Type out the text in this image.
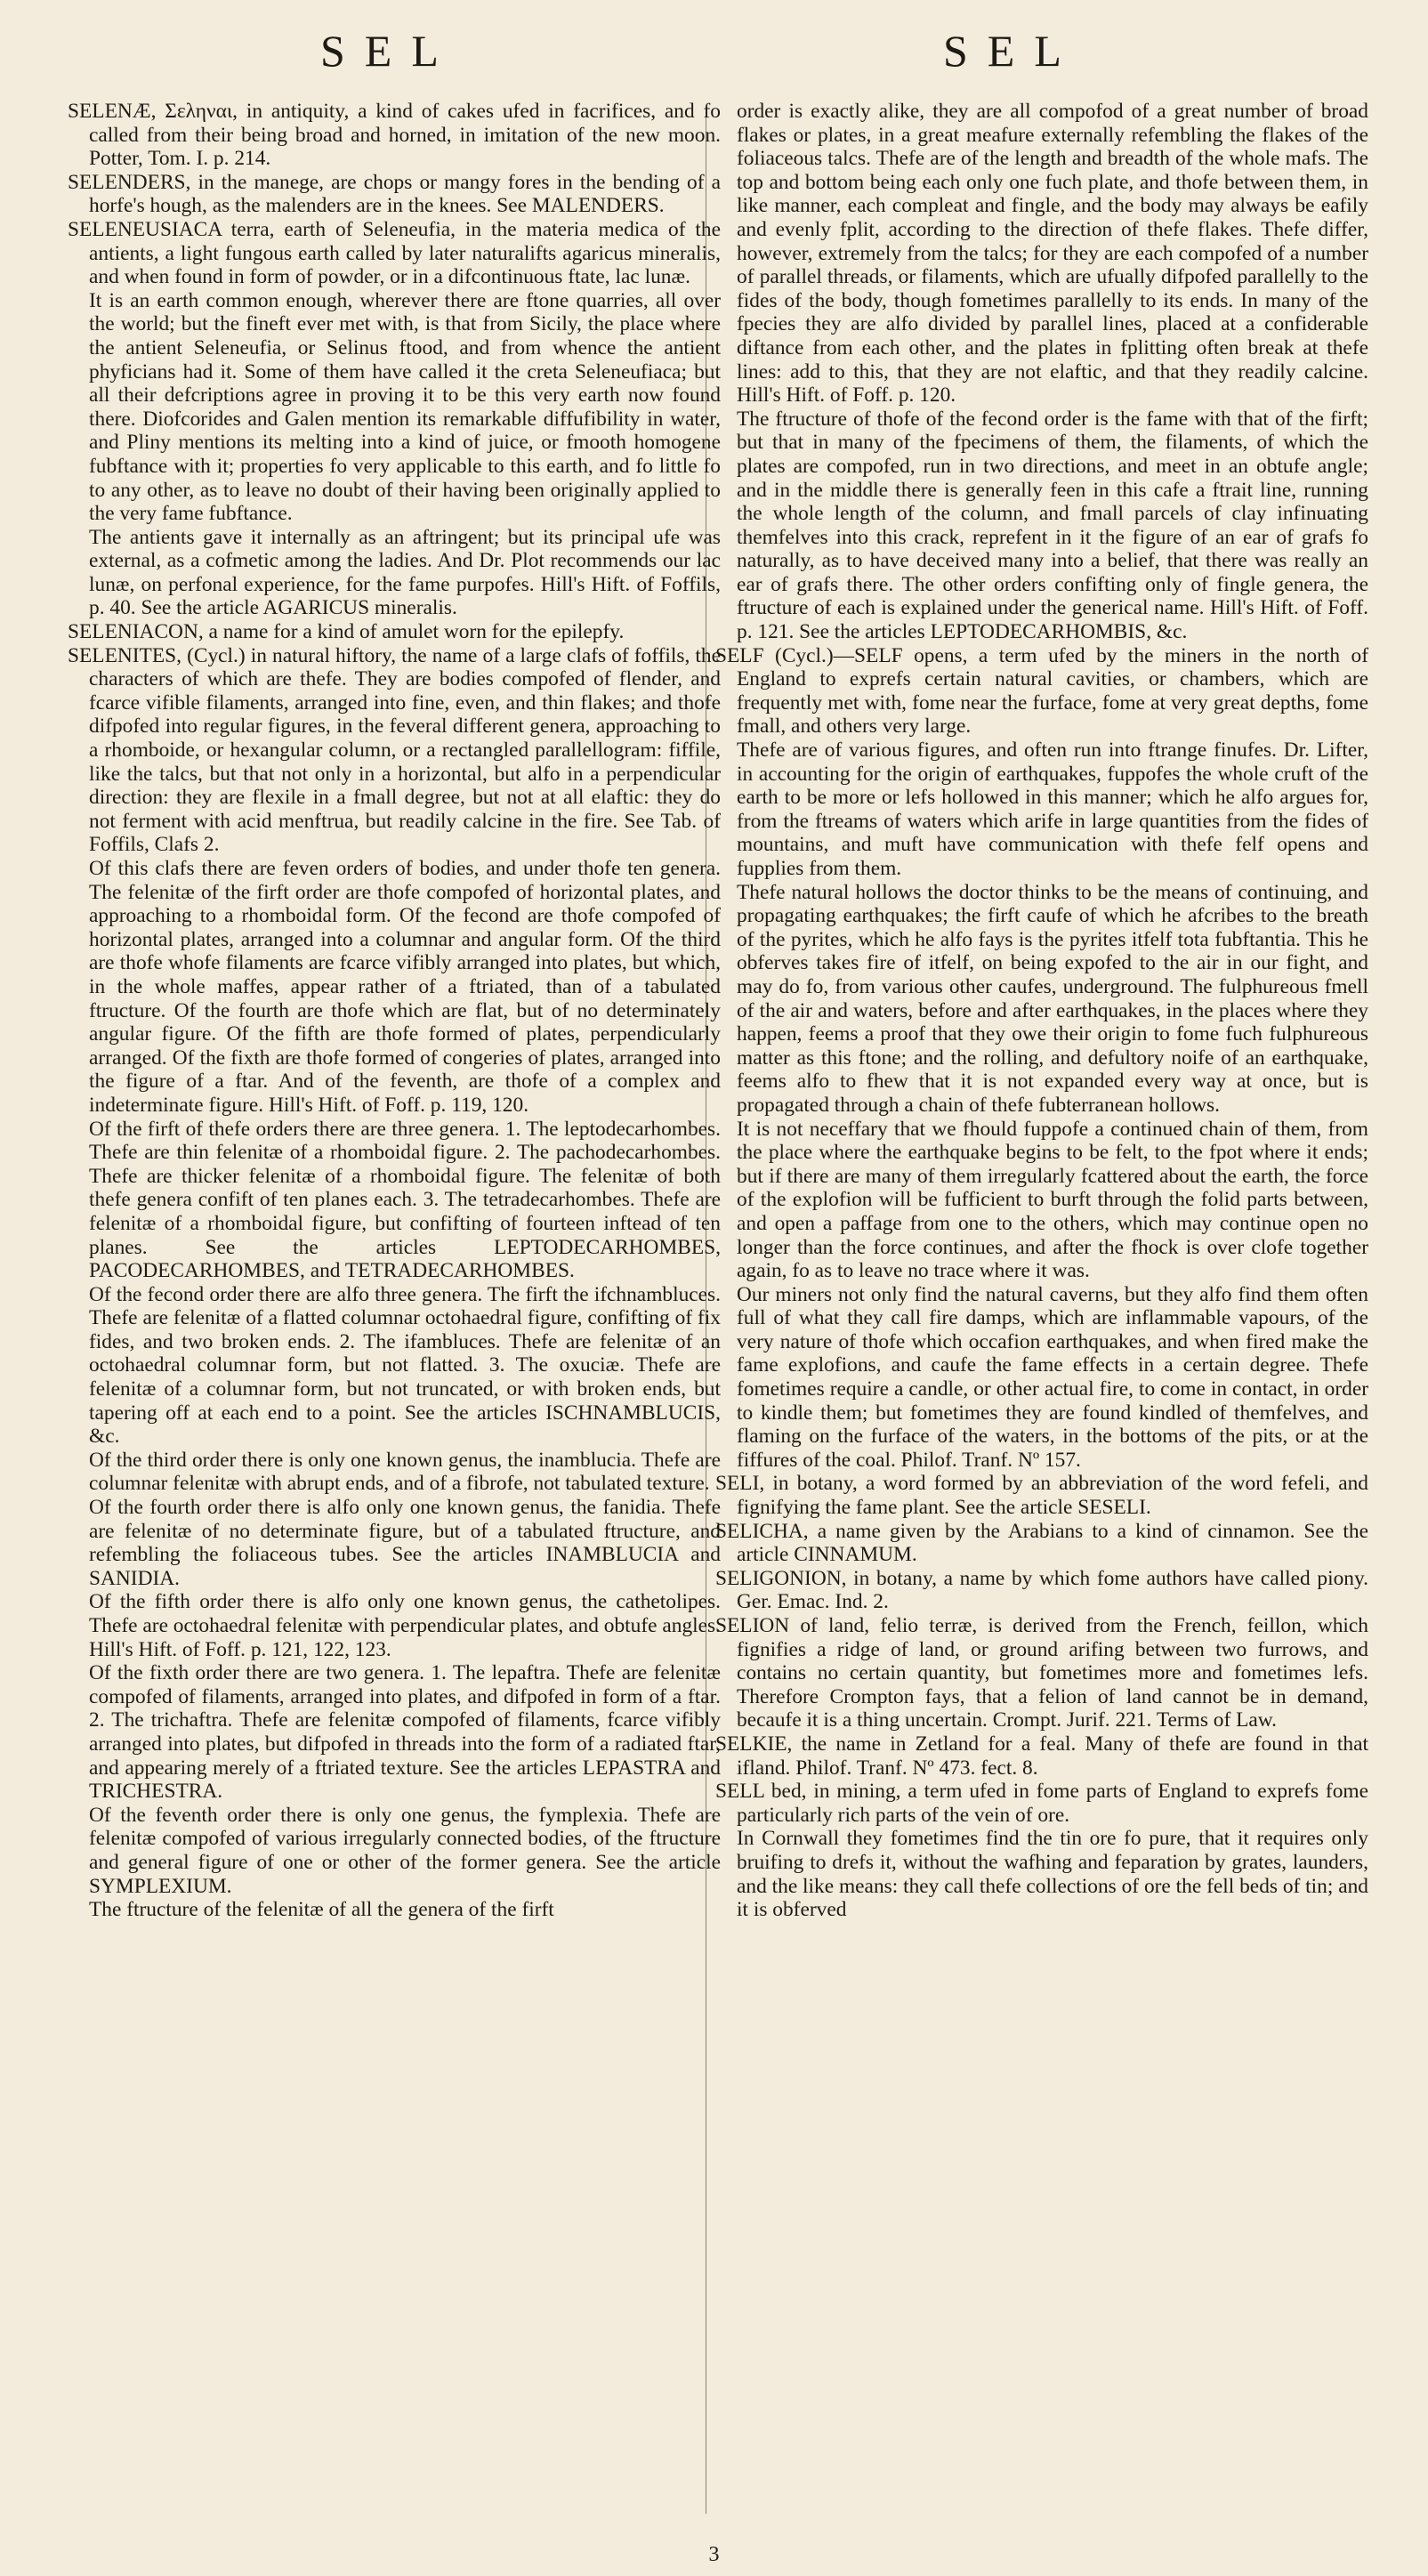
SEL	SEL

SELENÆ, Σεληναι, in antiquity, a kind of cakes ufed in facrifices, and fo called from their being broad and horned, in imitation of the new moon. Potter, Tom. I. p. 214.

SELENDERS, in the manege, are chops or mangy fores in the bending of a horfe's hough, as the malenders are in the knees. See MALENDERS.

SELENEUSIACA terra, earth of Seleneufia, in the materia medica of the antients, a light fungous earth called by later naturalifts agaricus mineralis, and when found in form of powder, or in a difcontinuous ftate, lac lunæ.

It is an earth common enough, wherever there are ftone quarries, all over the world; but the fineft ever met with, is that from Sicily, the place where the antient Seleneufia, or Selinus ftood, and from whence the antient phyficians had it. Some of them have called it the creta Seleneufiaca; but all their defcriptions agree in proving it to be this very earth now found there. Diofcorides and Galen mention its remarkable diffufibility in water, and Pliny mentions its melting into a kind of juice, or fmooth homogene fubftance with it; properties fo very applicable to this earth, and fo little fo to any other, as to leave no doubt of their having been originally applied to the very fame fubftance.

The antients gave it internally as an aftringent; but its principal ufe was external, as a cofmetic among the ladies. And Dr. Plot recommends our lac lunæ, on perfonal experience, for the fame purpofes. Hill's Hift. of Foffils, p. 40. See the article AGARICUS mineralis.

SELENIACON, a name for a kind of amulet worn for the epilepfy.

SELENITES, (Cycl.) in natural hiftory, the name of a large clafs of foffils, the characters of which are thefe. They are bodies compofed of flender, and fcarce vifible filaments, arranged into fine, even, and thin flakes; and thofe difpofed into regular figures, in the feveral different genera, approaching to a rhomboide, or hexangular column, or a rectangled parallellogram: fiffile, like the talcs, but that not only in a horizontal, but alfo in a perpendicular direction: they are flexile in a fmall degree, but not at all elaftic: they do not ferment with acid menftrua, but readily calcine in the fire. See Tab. of Foffils, Clafs 2.

Of this clafs there are feven orders of bodies, and under thofe ten genera. The felenitæ of the firft order are thofe compofed of horizontal plates, and approaching to a rhomboidal form. Of the fecond are thofe compofed of horizontal plates, arranged into a columnar and angular form. Of the third are thofe whofe filaments are fcarce vifibly arranged into plates, but which, in the whole maffes, appear rather of a ftriated, than of a tabulated ftructure. Of the fourth are thofe which are flat, but of no determinately angular figure. Of the fifth are thofe formed of plates, perpendicularly arranged. Of the fixth are thofe formed of congeries of plates, arranged into the figure of a ftar. And of the feventh, are thofe of a complex and indeterminate figure. Hill's Hift. of Foff. p. 119, 120.

Of the firft of thefe orders there are three genera. 1. The leptodecarhombes. Thefe are thin felenitæ of a rhomboidal figure. 2. The pachodecarhombes. Thefe are thicker felenitæ of a rhomboidal figure. The felenitæ of both thefe genera confift of ten planes each. 3. The tetradecarhombes. Thefe are felenitæ of a rhomboidal figure, but confifting of fourteen inftead of ten planes. See the articles LEPTODECARHOMBES, PACODECARHOMBES, and TETRADECARHOMBES.

Of the fecond order there are alfo three genera. The firft the ifchnambluces. Thefe are felenitæ of a flatted columnar octohaedral figure, confifting of fix fides, and two broken ends. 2. The ifambluces. Thefe are felenitæ of an octohaedral columnar form, but not flatted. 3. The oxuciæ. Thefe are felenitæ of a columnar form, but not truncated, or with broken ends, but tapering off at each end to a point. See the articles ISCHNAMBLUCIS, &c.

Of the third order there is only one known genus, the inamblucia. Thefe are columnar felenitæ with abrupt ends, and of a fibrofe, not tabulated texture.

Of the fourth order there is alfo only one known genus, the fanidia. Thefe are felenitæ of no determinate figure, but of a tabulated ftructure, and refembling the foliaceous tubes. See the articles INAMBLUCIA and SANIDIA.

Of the fifth order there is alfo only one known genus, the cathetolipes. Thefe are octohaedral felenitæ with perpendicular plates, and obtufe angles. Hill's Hift. of Foff. p. 121, 122, 123.

Of the fixth order there are two genera. 1. The lepaftra. Thefe are felenitæ compofed of filaments, arranged into plates, and difpofed in form of a ftar. 2. The trichaftra. Thefe are felenitæ compofed of filaments, fcarce vifibly arranged into plates, but difpofed in threads into the form of a radiated ftar, and appearing merely of a ftriated texture. See the articles LEPASTRA and TRICHESTRA.

Of the feventh order there is only one genus, the fymplexia. Thefe are felenitæ compofed of various irregularly connected bodies, of the ftructure and general figure of one or other of the former genera. See the article SYMPLEXIUM.

The ftructure of the felenitæ of all the genera of the firft

order is exactly alike, they are all compofod of a great number of broad flakes or plates, in a great meafure externally refembling the flakes of the foliaceous talcs. Thefe are of the length and breadth of the whole mafs. The top and bottom being each only one fuch plate, and thofe between them, in like manner, each compleat and fingle, and the body may always be eafily and evenly fplit, according to the direction of thefe flakes. Thefe differ, however, extremely from the talcs; for they are each compofed of a number of parallel threads, or filaments, which are ufually difpofed parallelly to the fides of the body, though fometimes parallelly to its ends. In many of the fpecies they are alfo divided by parallel lines, placed at a confiderable diftance from each other, and the plates in fplitting often break at thefe lines: add to this, that they are not elaftic, and that they readily calcine. Hill's Hift. of Foff. p. 120.

The ftructure of thofe of the fecond order is the fame with that of the firft; but that in many of the fpecimens of them, the filaments, of which the plates are compofed, run in two directions, and meet in an obtufe angle; and in the middle there is generally feen in this cafe a ftrait line, running the whole length of the column, and fmall parcels of clay infinuating themfelves into this crack, reprefent in it the figure of an ear of grafs fo naturally, as to have deceived many into a belief, that there was really an ear of grafs there. The other orders confifting only of fingle genera, the ftructure of each is explained under the generical name. Hill's Hift. of Foff. p. 121. See the articles LEPTODECARHOMBIS, &c.

SELF (Cycl.)—SELF opens, a term ufed by the miners in the north of England to exprefs certain natural cavities, or chambers, which are frequently met with, fome near the furface, fome at very great depths, fome fmall, and others very large.

Thefe are of various figures, and often run into ftrange finufes. Dr. Lifter, in accounting for the origin of earthquakes, fuppofes the whole cruft of the earth to be more or lefs hollowed in this manner; which he alfo argues for, from the ftreams of waters which arife in large quantities from the fides of mountains, and muft have communication with thefe felf opens and fupplies from them.

Thefe natural hollows the doctor thinks to be the means of continuing, and propagating earthquakes; the firft caufe of which he afcribes to the breath of the pyrites, which he alfo fays is the pyrites itfelf tota fubftantia. This he obferves takes fire of itfelf, on being expofed to the air in our fight, and may do fo, from various other caufes, underground. The fulphureous fmell of the air and waters, before and after earthquakes, in the places where they happen, feems a proof that they owe their origin to fome fuch fulphureous matter as this ftone; and the rolling, and defultory noife of an earthquake, feems alfo to fhew that it is not expanded every way at once, but is propagated through a chain of thefe fubterranean hollows.

It is not neceffary that we fhould fuppofe a continued chain of them, from the place where the earthquake begins to be felt, to the fpot where it ends; but if there are many of them irregularly fcattered about the earth, the force of the explofion will be fufficient to burft through the folid parts between, and open a paffage from one to the others, which may continue open no longer than the force continues, and after the fhock is over clofe together again, fo as to leave no trace where it was.

Our miners not only find the natural caverns, but they alfo find them often full of what they call fire damps, which are inflammable vapours, of the very nature of thofe which occafion earthquakes, and when fired make the fame explofions, and caufe the fame effects in a certain degree. Thefe fometimes require a candle, or other actual fire, to come in contact, in order to kindle them; but fometimes they are found kindled of themfelves, and flaming on the furface of the waters, in the bottoms of the pits, or at the fiffures of the coal. Philof. Tranf. Nº 157.

SELI, in botany, a word formed by an abbreviation of the word fefeli, and fignifying the fame plant. See the article SESELI.

SELICHA, a name given by the Arabians to a kind of cinnamon. See the article CINNAMUM.

SELIGONION, in botany, a name by which fome authors have called piony. Ger. Emac. Ind. 2.

SELION of land, felio terræ, is derived from the French, feillon, which fignifies a ridge of land, or ground arifing between two furrows, and contains no certain quantity, but fometimes more and fometimes lefs. Therefore Crompton fays, that a felion of land cannot be in demand, becaufe it is a thing uncertain. Crompt. Jurif. 221. Terms of Law.

SELKIE, the name in Zetland for a feal. Many of thefe are found in that ifland. Philof. Tranf. Nº 473. fect. 8.

SELL bed, in mining, a term ufed in fome parts of England to exprefs fome particularly rich parts of the vein of ore.

In Cornwall they fometimes find the tin ore fo pure, that it requires only bruifing to drefs it, without the wafhing and feparation by grates, launders, and the like means: they call thefe collections of ore the fell beds of tin; and it is obferved

3
